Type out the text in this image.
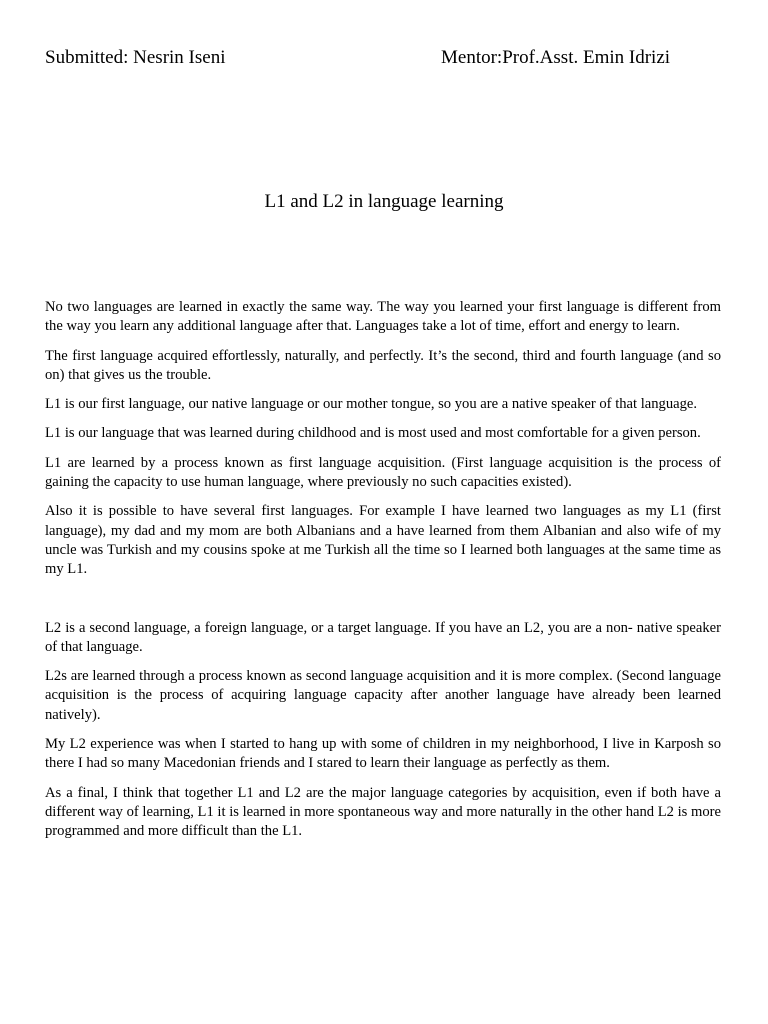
Submitted: Nesrin Iseni	Mentor:Prof.Asst. Emin Idrizi
L1 and L2 in language learning

No two languages are learned in exactly the same way. The way you learned your first language is different from the way you learn any additional language after that. Languages take a lot of time, effort and energy to learn.

The first language acquired effortlessly, naturally, and perfectly. It’s the second, third and fourth language (and so on) that gives us the trouble.

L1 is our first language, our native language or our mother tongue, so you are a native speaker of that language.

L1 is our language that was learned during childhood and is most used and most comfortable for a given person.

L1 are learned by a process known as first language acquisition. (First language acquisition is the process of gaining the capacity to use human language, where previously no such capacities existed).

Also it is possible to have several first languages. For example I have learned two languages as my L1 (first language), my dad and my mom are both Albanians and a have learned from them Albanian and also wife of my uncle was Turkish and my cousins spoke at me Turkish all the time so I learned both languages at the same time as my L1.

L2 is a second language, a foreign language, or a target language. If you have an L2, you are a non- native speaker of that language.

L2s are learned through a process known as second language acquisition and it is more complex. (Second language acquisition is the process of acquiring language capacity after another language have already been learned natively).

My L2 experience was when I started to hang up with some of children in my neighborhood, I live in Karposh so there I had so many Macedonian friends and I stared to learn their language as perfectly as them.

As a final, I think that together L1 and L2 are the major language categories by acquisition, even if both have a different way of learning, L1 it is learned in more spontaneous way and more naturally in the other hand L2 is more programmed and more difficult than the L1.
